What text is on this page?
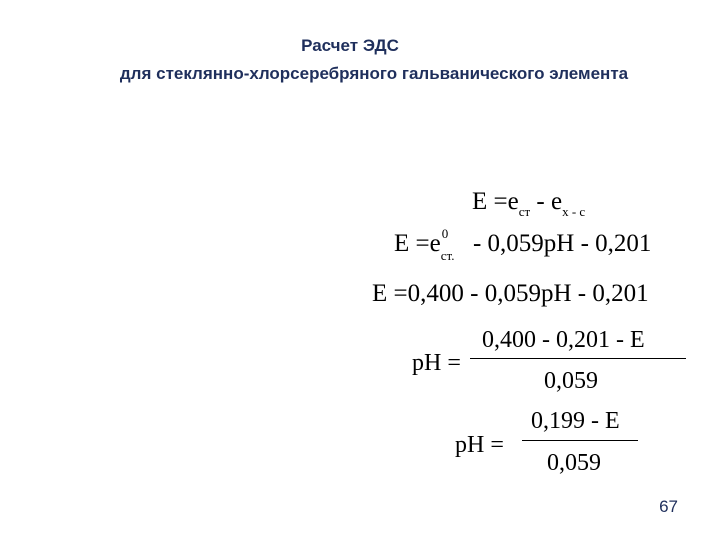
Расчет ЭДС
для стеклянно-хлорсеребряного гальванического элемента
$E =e_{ст} - e_{х - с}$
E =e 0
$_{ст.}$ - 0,059pH - 0,201
E =0,400 - 0,059pH - 0,201
pH =
0,400 - 0,201 - E
0,059
pH =
0,199 - E
0,059
67
